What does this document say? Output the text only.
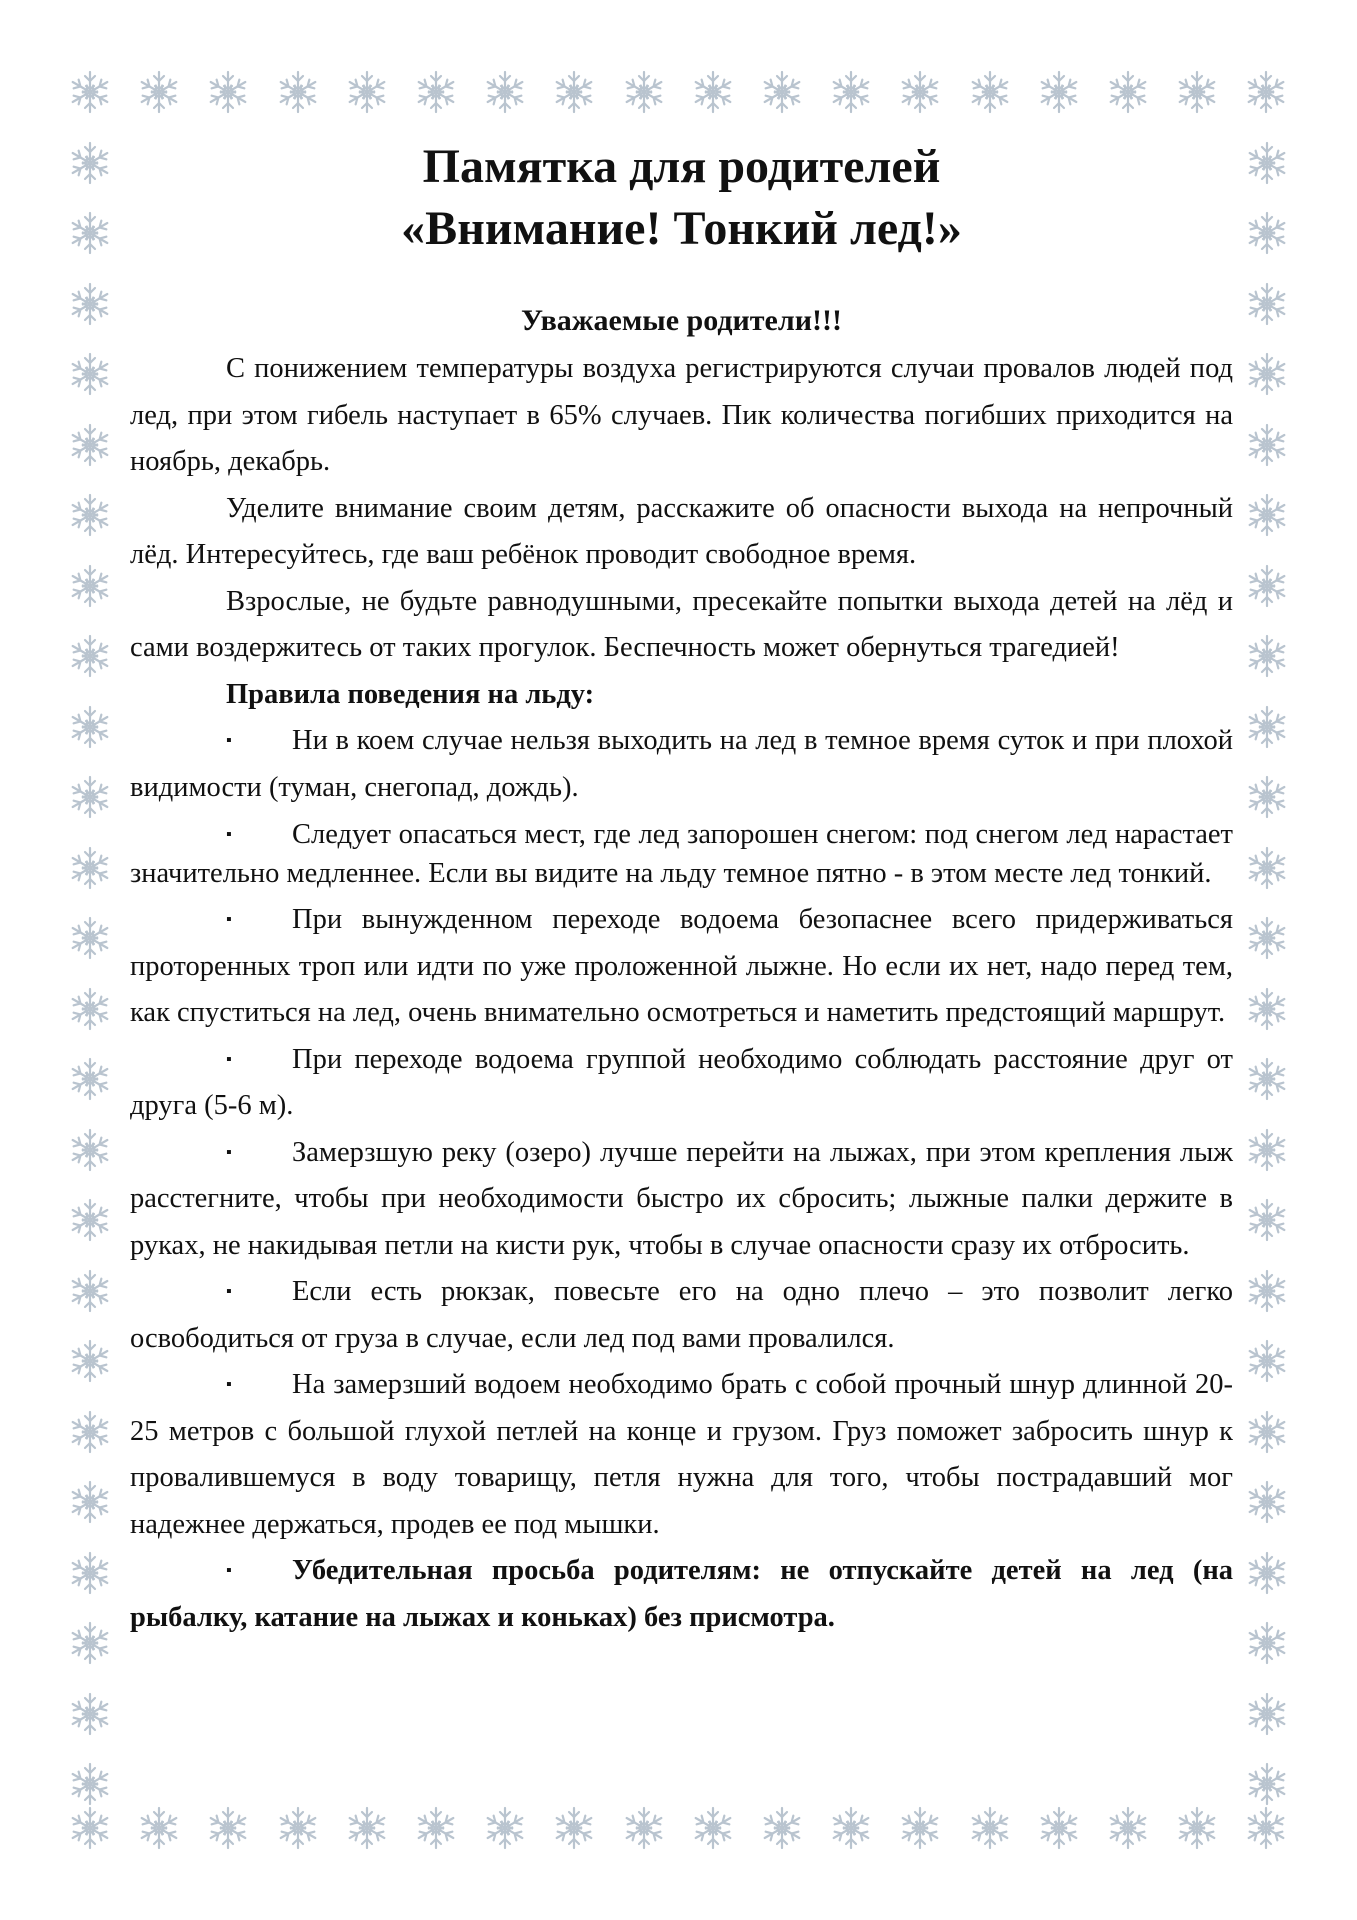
Памятка для родителей
«Внимание! Тонкий лед!»
Уважаемые родители!!!

С понижением температуры воздуха регистрируются случаи провалов людей под лед, при этом гибель наступает в 65% случаев. Пик количества погибших приходится на ноябрь, декабрь.

Уделите внимание своим детям, расскажите об опасности выхода на непрочный лёд. Интересуйтесь, где ваш ребёнок проводит свободное время.

Взрослые, не будьте равнодушными, пресекайте попытки выхода детей на лёд и сами воздержитесь от таких прогулок. Беспечность может обернуться трагедией!

Правила поведения на льду:

▪ Ни в коем случае нельзя выходить на лед в темное время суток и при плохой видимости (туман, снегопад, дождь).

▪ Следует опасаться мест, где лед запорошен снегом: под снегом лед нарастает значительно медленнее. Если вы видите на льду темное пятно - в этом месте лед тонкий.

▪ При вынужденном переходе водоема безопаснее всего придерживаться проторенных троп или идти по уже проложенной лыжне. Но если их нет, надо перед тем, как спуститься на лед, очень внимательно осмотреться и наметить предстоящий маршрут.

▪ При переходе водоема группой необходимо соблюдать расстояние друг от друга (5-6 м).

▪ Замерзшую реку (озеро) лучше перейти на лыжах, при этом крепления лыж расстегните, чтобы при необходимости быстро их сбросить; лыжные палки держите в руках, не накидывая петли на кисти рук, чтобы в случае опасности сразу их отбросить.

▪ Если есть рюкзак, повесьте его на одно плечо – это позволит легко освободиться от груза в случае, если лед под вами провалился.

▪ На замерзший водоем необходимо брать с собой прочный шнур длинной 20-25 метров с большой глухой петлей на конце и грузом. Груз поможет забросить шнур к провалившемуся в воду товарищу, петля нужна для того, чтобы пострадавший мог надежнее держаться, продев ее под мышки.

▪ Убедительная просьба родителям: не отпускайте детей на лед (на рыбалку, катание на лыжах и коньках) без присмотра.
